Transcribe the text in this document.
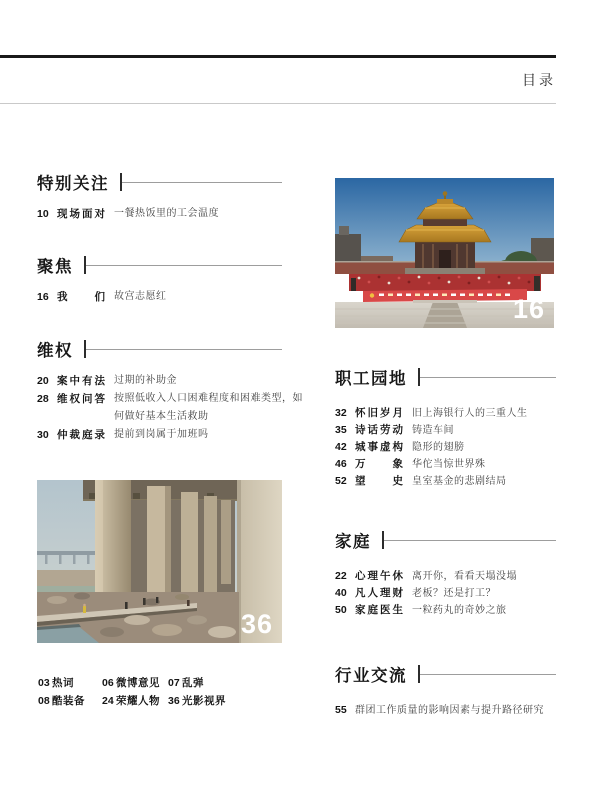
目录
特别关注
10 现场面对 一餐热饭里的工会温度
聚焦
16 我们 故宫志愿红
维权
20 案中有法 过期的补助金
28 维权问答 按照低收入人口困难程度和困难类型，如何做好基本生活救助
30 仲裁庭录 提前到岗属于加班吗
36
03 热词	06 微博意见 07 乱弹
08 酷装备 24 荣耀人物 36 光影视界
16
职工园地
32 怀旧岁月 旧上海银行人的三重人生
35 诗话劳动 铸造车间
42 城事虚构 隐形的翅膀
46 万象 华佗当惊世界殊
52 望史 皇室基金的悲剧结局
家庭
22 心理午休 离开你，看看天塌没塌
40 凡人理财 老板？还是打工？
50 家庭医生 一粒药丸的奇妙之旅
行业交流
55 群团工作质量的影响因素与提升路径研究
